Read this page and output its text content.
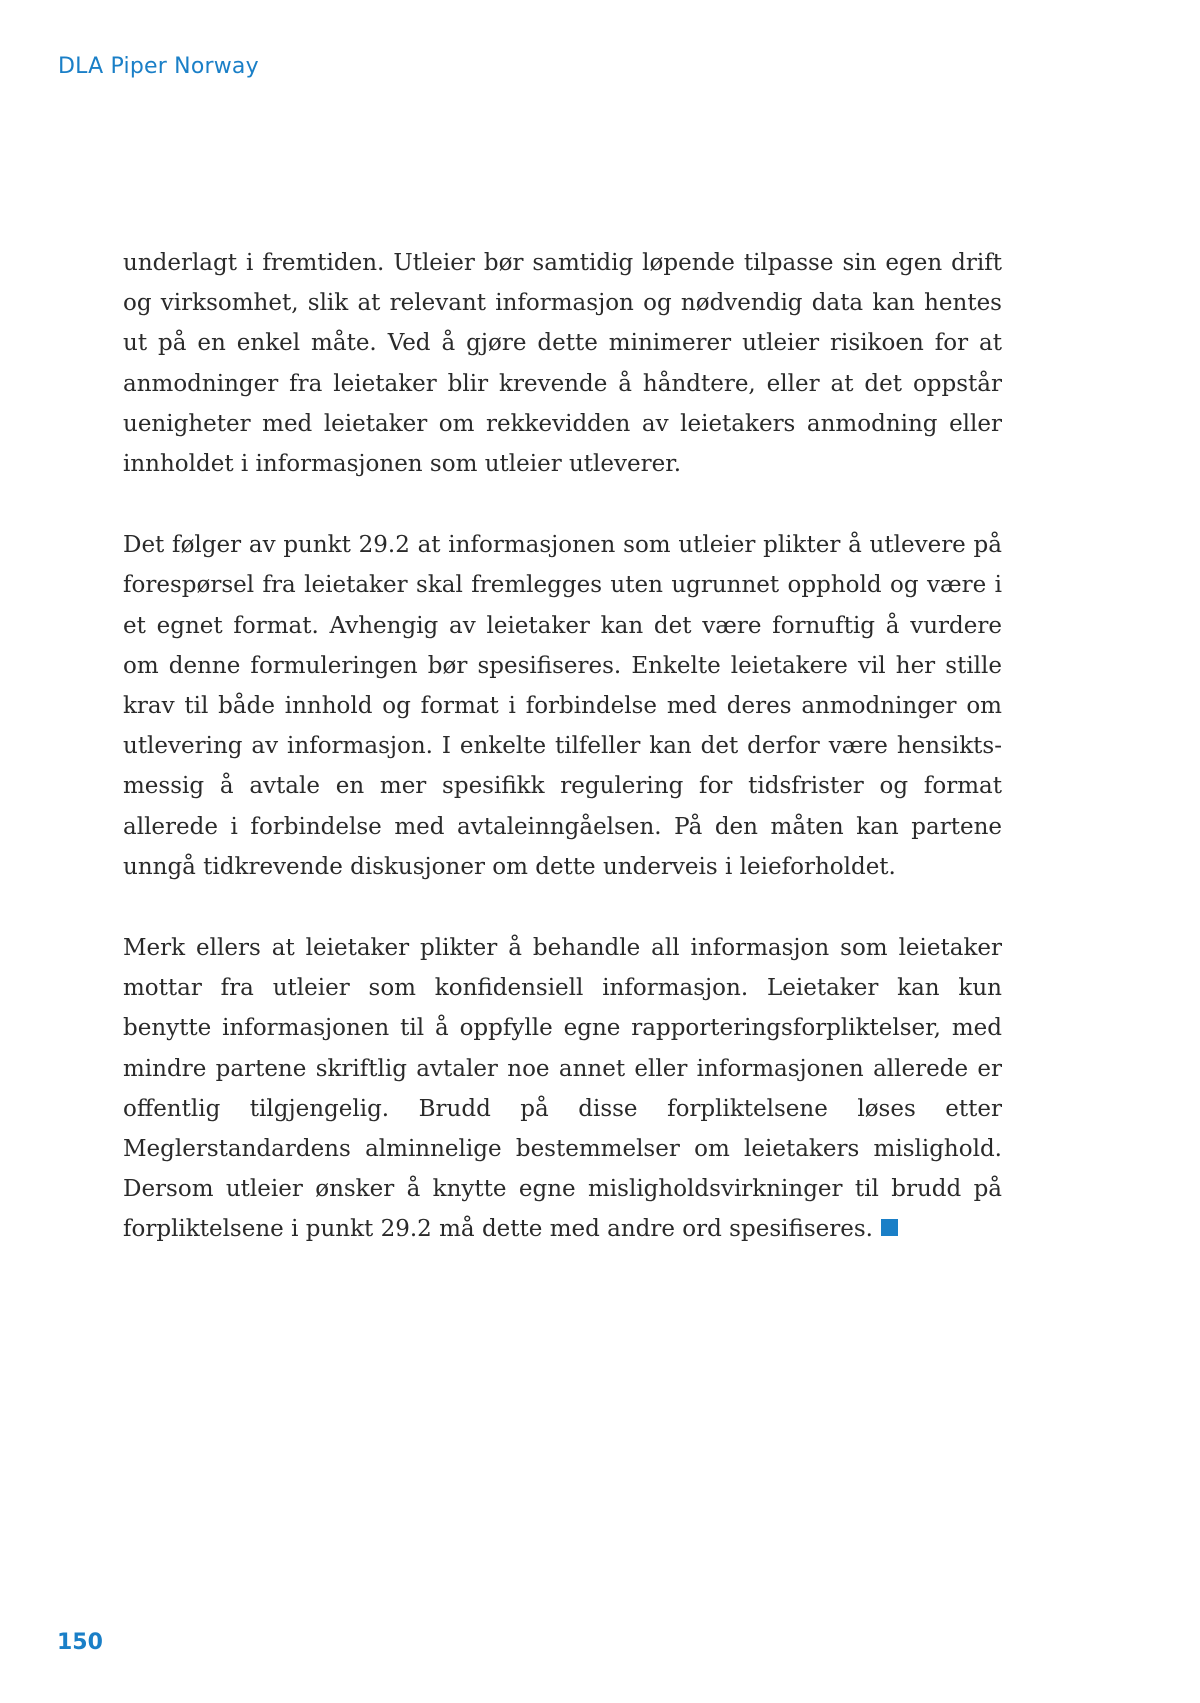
DLA Piper Norway

underlagt i fremtiden. Utleier bør samtidig løpende tilpasse sin egen drift og virksomhet, slik at relevant informasjon og nødvendig data kan hentes ut på en enkel måte. Ved å gjøre dette minimerer utleier risikoen for at anmodninger fra leietaker blir krevende å håndtere, eller at det oppstår uenigheter med leietaker om rekkevidden av leietakers anmodning eller innholdet i informasjonen som utleier utleverer.

Det følger av punkt 29.2 at informasjonen som utleier plikter å utlevere på forespørsel fra leietaker skal fremlegges uten ugrunnet opphold og være i et egnet format. Avhengig av leietaker kan det være fornuftig å vurdere om denne formuleringen bør spesifiseres. Enkelte leietakere vil her stille krav til både innhold og format i forbindelse med deres anmodninger om utlevering av informasjon. I enkelte tilfeller kan det derfor være hensiktsmessig å avtale en mer spesifikk regulering for tidsfrister og format allerede i forbindelse med avtaleinngåelsen. På den måten kan partene unngå tidkrevende diskusjoner om dette underveis i leieforholdet.

Merk ellers at leietaker plikter å behandle all informasjon som leietaker mottar fra utleier som konfidensiell informasjon. Leietaker kan kun benytte informasjonen til å oppfylle egne rapporteringsforpliktelser, med mindre partene skriftlig avtaler noe annet eller informasjonen allerede er offentlig tilgjengelig. Brudd på disse forpliktelsene løses etter Meglerstandardens alminnelige bestemmelser om leietakers mislighold. Dersom utleier ønsker å knytte egne misligholdsvirkninger til brudd på forpliktelsene i punkt 29.2 må dette med andre ord spesifiseres.

150
